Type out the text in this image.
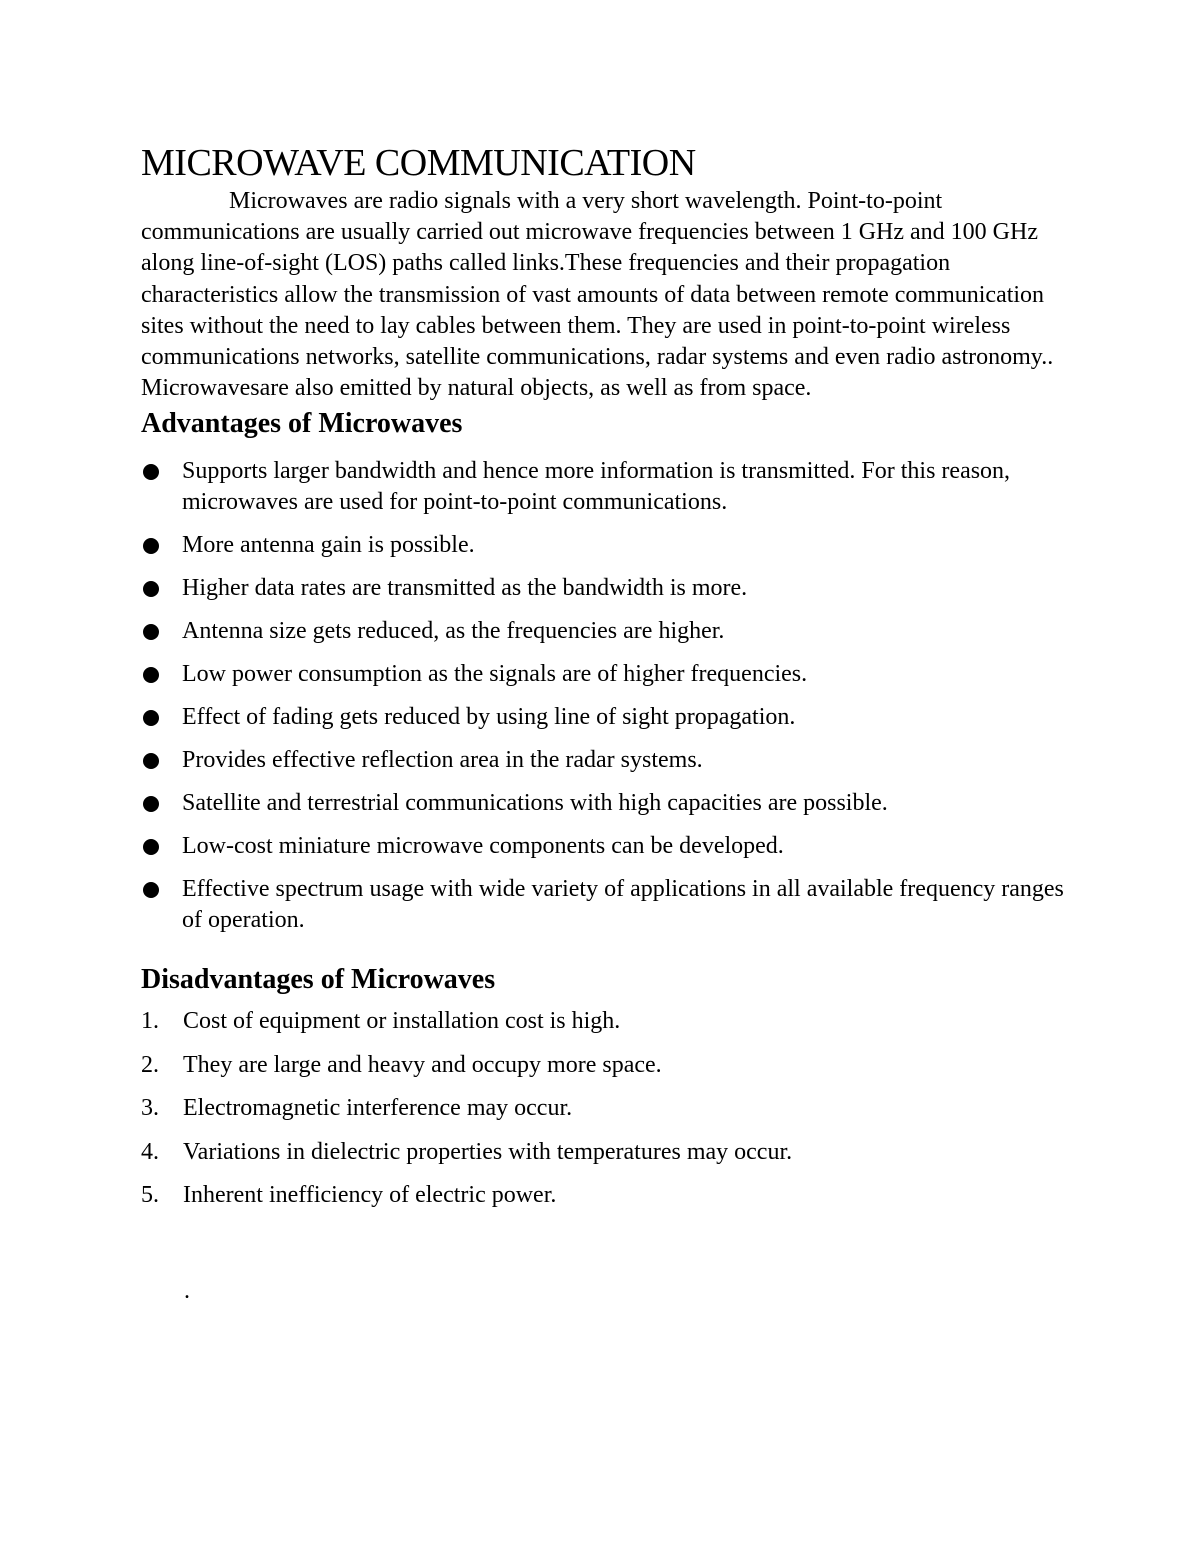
MICROWAVE COMMUNICATION

Microwaves are radio signals with a very short wavelength. Point-to-point communications are usually carried out microwave frequencies between 1 GHz and 100 GHz along line-of-sight (LOS) paths called links.These frequencies and their propagation characteristics allow the transmission of vast amounts of data between remote communication sites without the need to lay cables between them. They are used in point-to-point wireless communications networks, satellite communications, radar systems and even radio astronomy.. Microwavesare also emitted by natural objects, as well as from space.

Advantages of Microwaves
Supports larger bandwidth and hence more information is transmitted. For this reason, microwaves are used for point-to-point communications.
More antenna gain is possible.
Higher data rates are transmitted as the bandwidth is more.
Antenna size gets reduced, as the frequencies are higher.
Low power consumption as the signals are of higher frequencies.
Effect of fading gets reduced by using line of sight propagation.
Provides effective reflection area in the radar systems.
Satellite and terrestrial communications with high capacities are possible.
Low-cost miniature microwave components can be developed.
Effective spectrum usage with wide variety of applications in all available frequency ranges of operation.
Disadvantages of Microwaves
1. Cost of equipment or installation cost is high.
2. They are large and heavy and occupy more space.
3. Electromagnetic interference may occur.
4. Variations in dielectric properties with temperatures may occur.
5. Inherent inefficiency of electric power.
.
